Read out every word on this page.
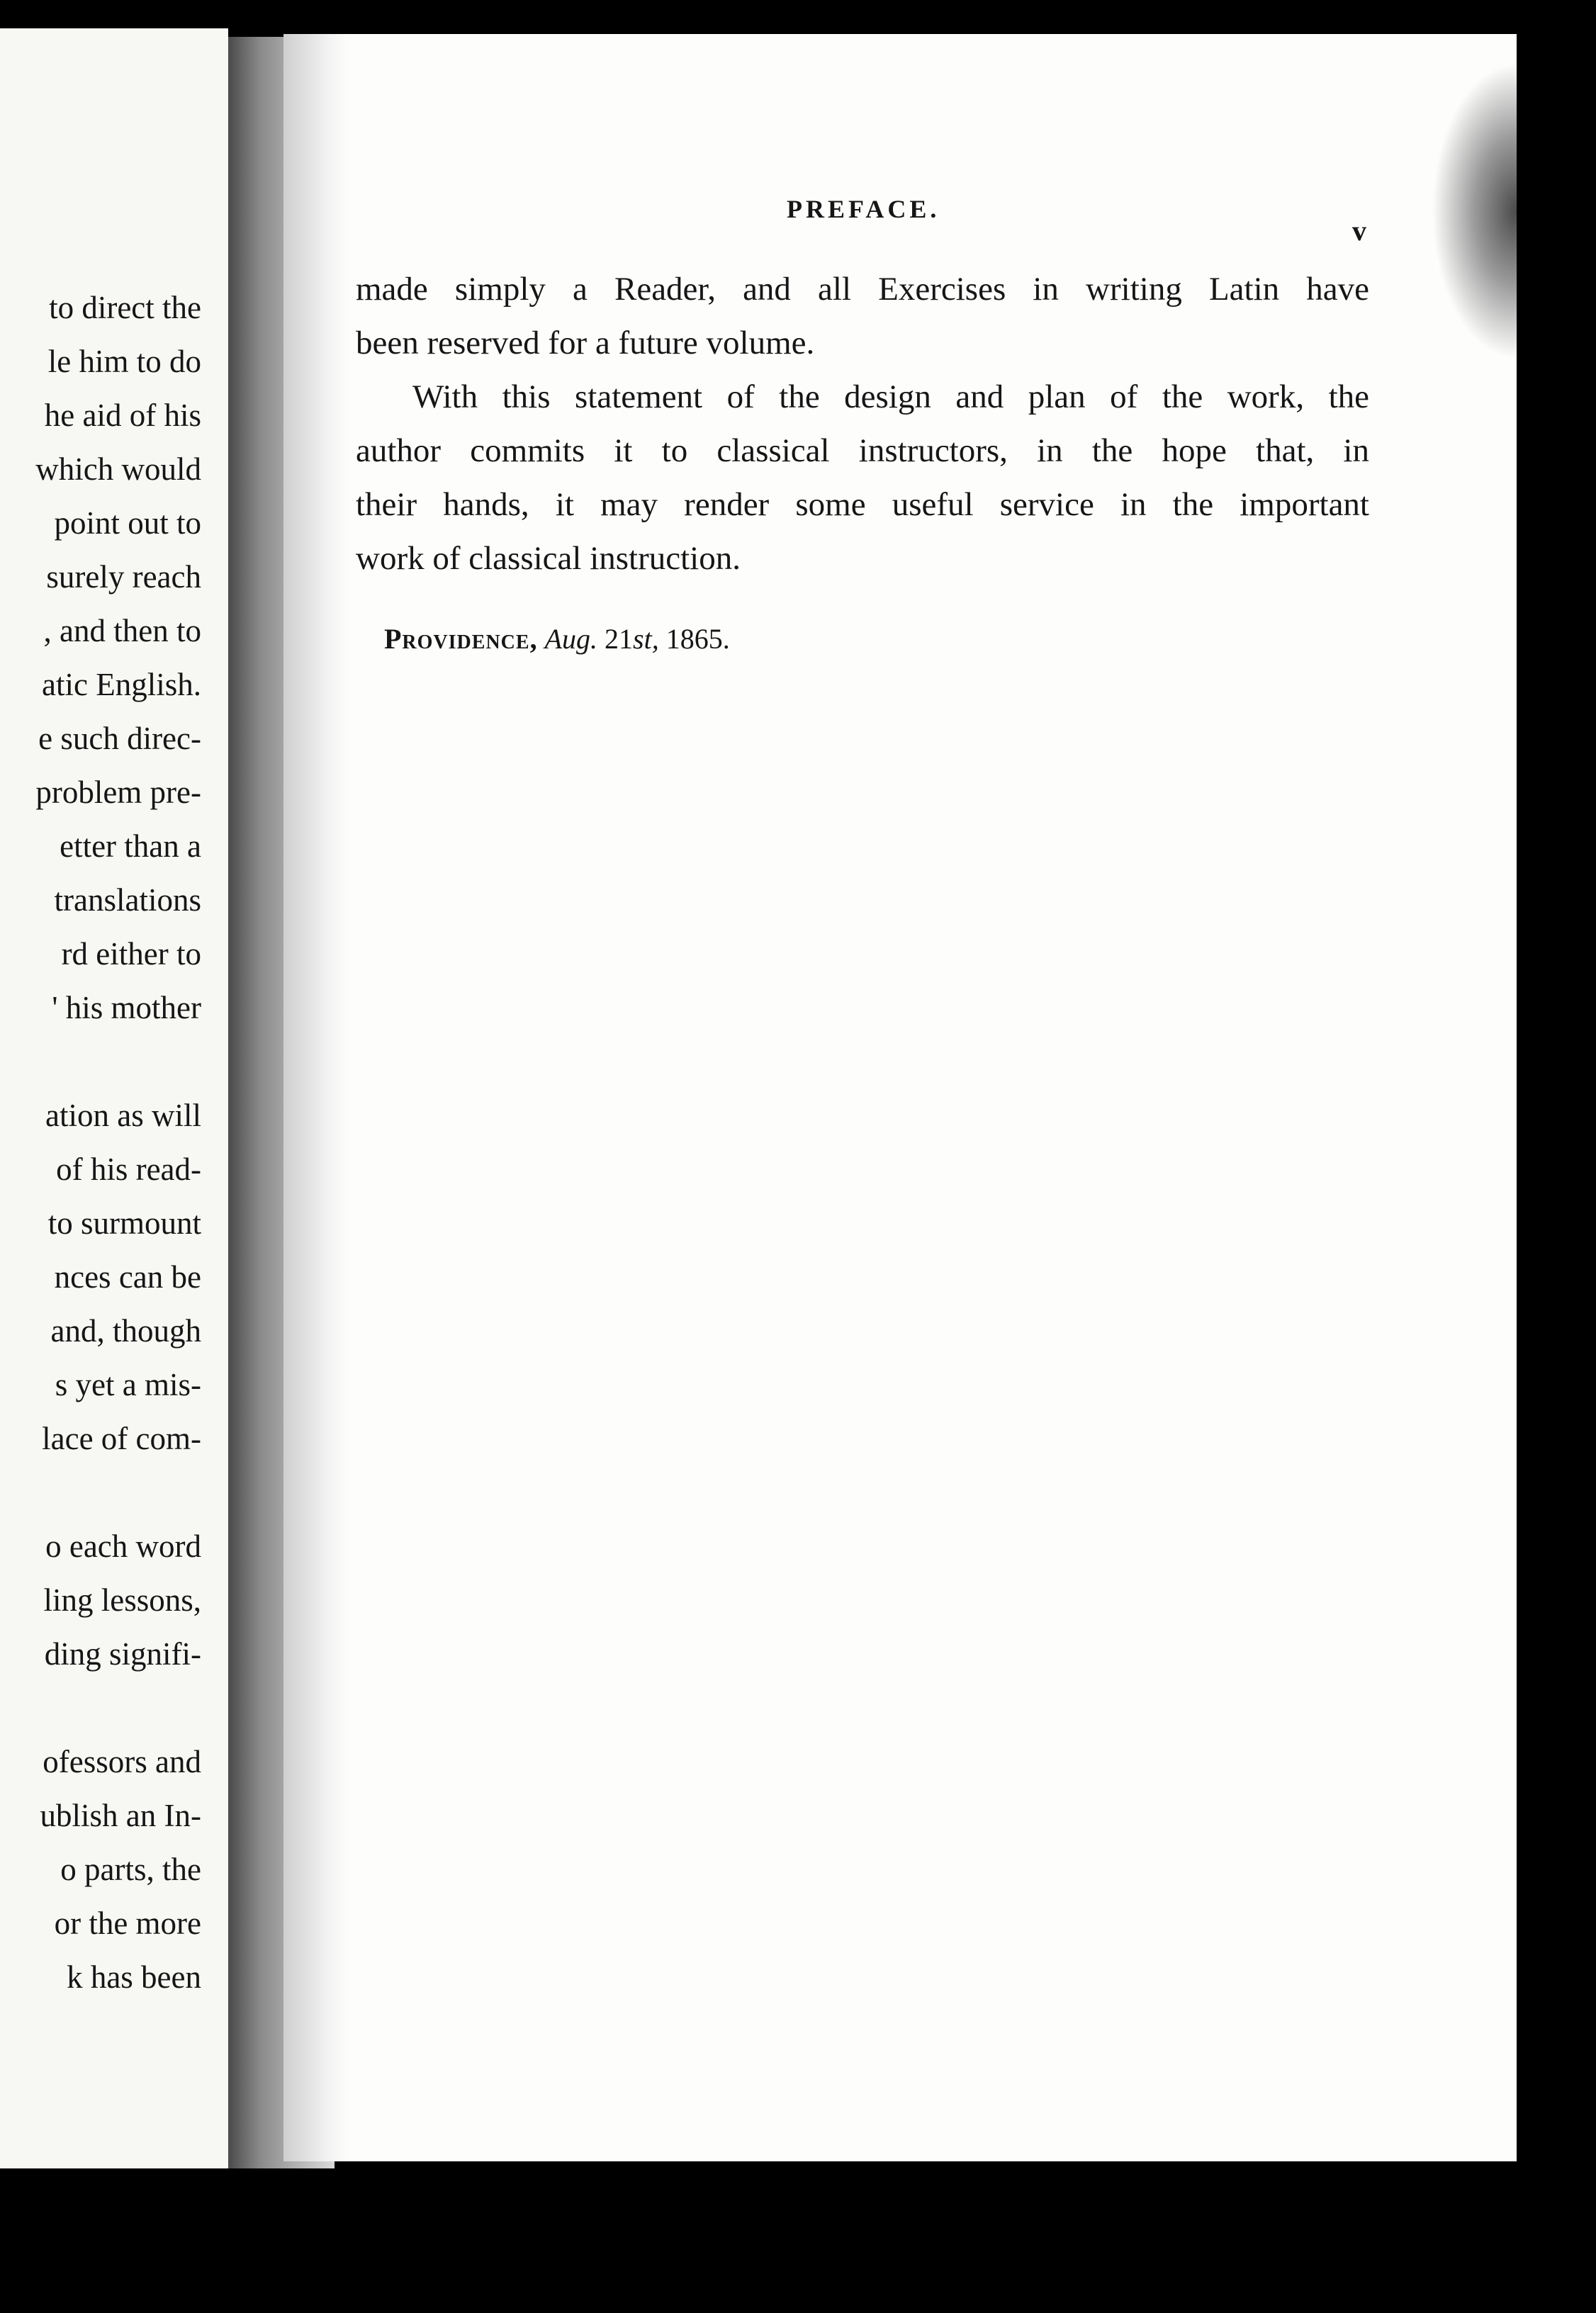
to direct the
le him to do
he aid of his
which would
point out to
surely reach
, and then to
atic English.
e such direc-
problem pre-
etter than a
translations
rd either to
' his mother
ation as will
of his read-
to surmount
nces can be
and, though
s yet a mis-
lace of com-
o each word
ling lessons,
ding signifi-
ofessors and
ublish an In-
o parts, the
or the more
k has been
PREFACE.
v
made simply a Reader, and all Exercises in writing Latin have
been reserved for a future volume.
With this statement of the design and plan of the work, the
author commits it to classical instructors, in the hope that, in
their hands, it may render some useful service in the important
work of classical instruction.
Providence, Aug. 21st, 1865.
